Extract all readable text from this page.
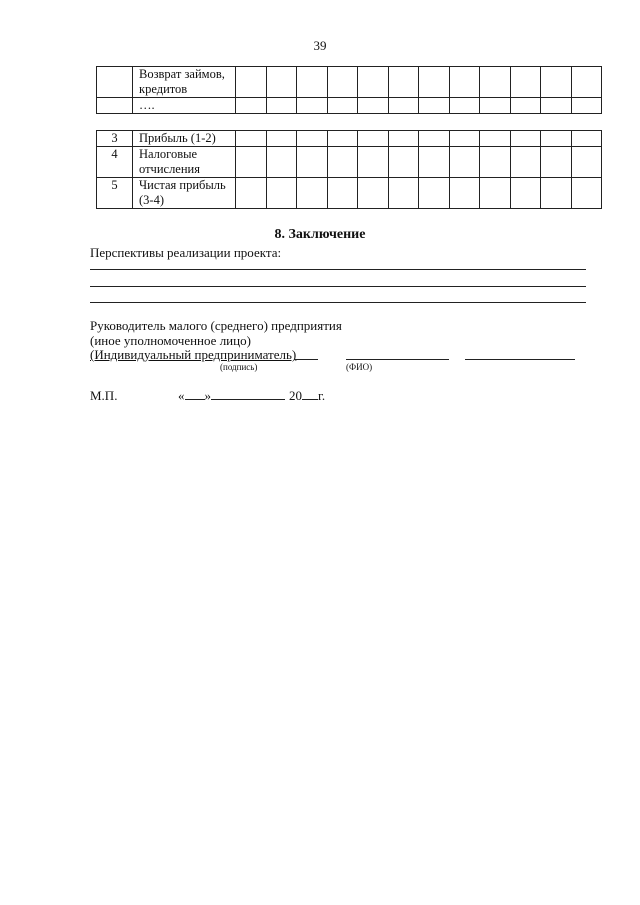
39

	Возврат займов,
кредитов												

	….												

3	Прибыль (1-2)												

4	Налоговые
отчисления												

5	Чистая прибыль
(3-4)												

8. Заключение
Перспективы реализации проекта:
Руководитель малого (среднего) предприятия
(иное уполномоченное лицо)
(Индивидуальный предприниматель)
(подпись)	(ФИО)
М.П.	« »	20 г.
